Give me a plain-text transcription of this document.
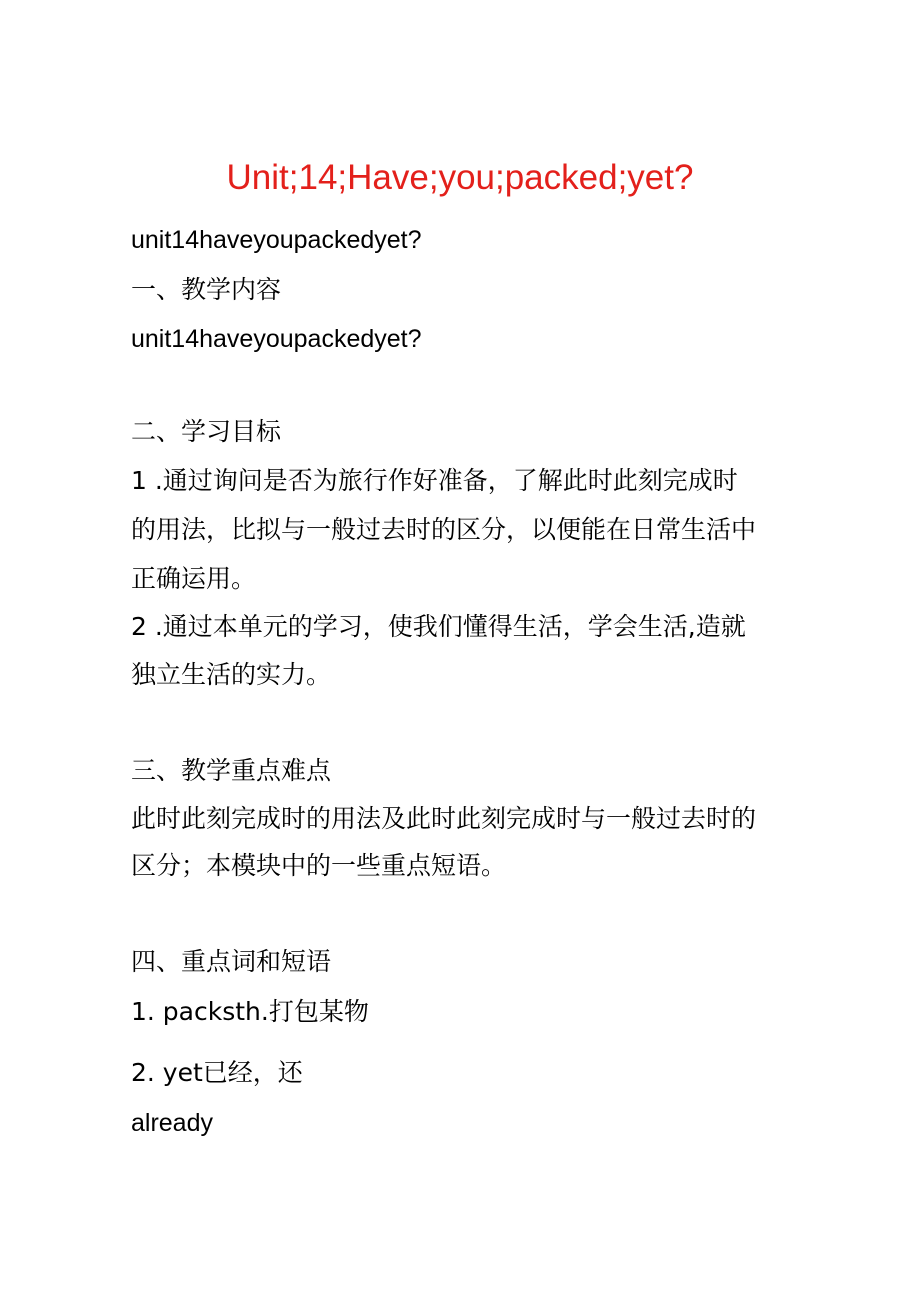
Unit;14;Have;you;packed;yet?
unit14haveyoupackedyet?
一、教学内容
unit14haveyoupackedyet?
二、学习目标
1 .通过询问是否为旅行作好准备，了解此时此刻完成时
的用法，比拟与一般过去时的区分，以便能在日常生活中
正确运用。
2 .通过本单元的学习，使我们懂得生活，学会生活,造就
独立生活的实力。
三、教学重点难点
此时此刻完成时的用法及此时此刻完成时与一般过去时的
区分；本模块中的一些重点短语。
四、重点词和短语
1. packsth.打包某物
2. yet已经，还
already
